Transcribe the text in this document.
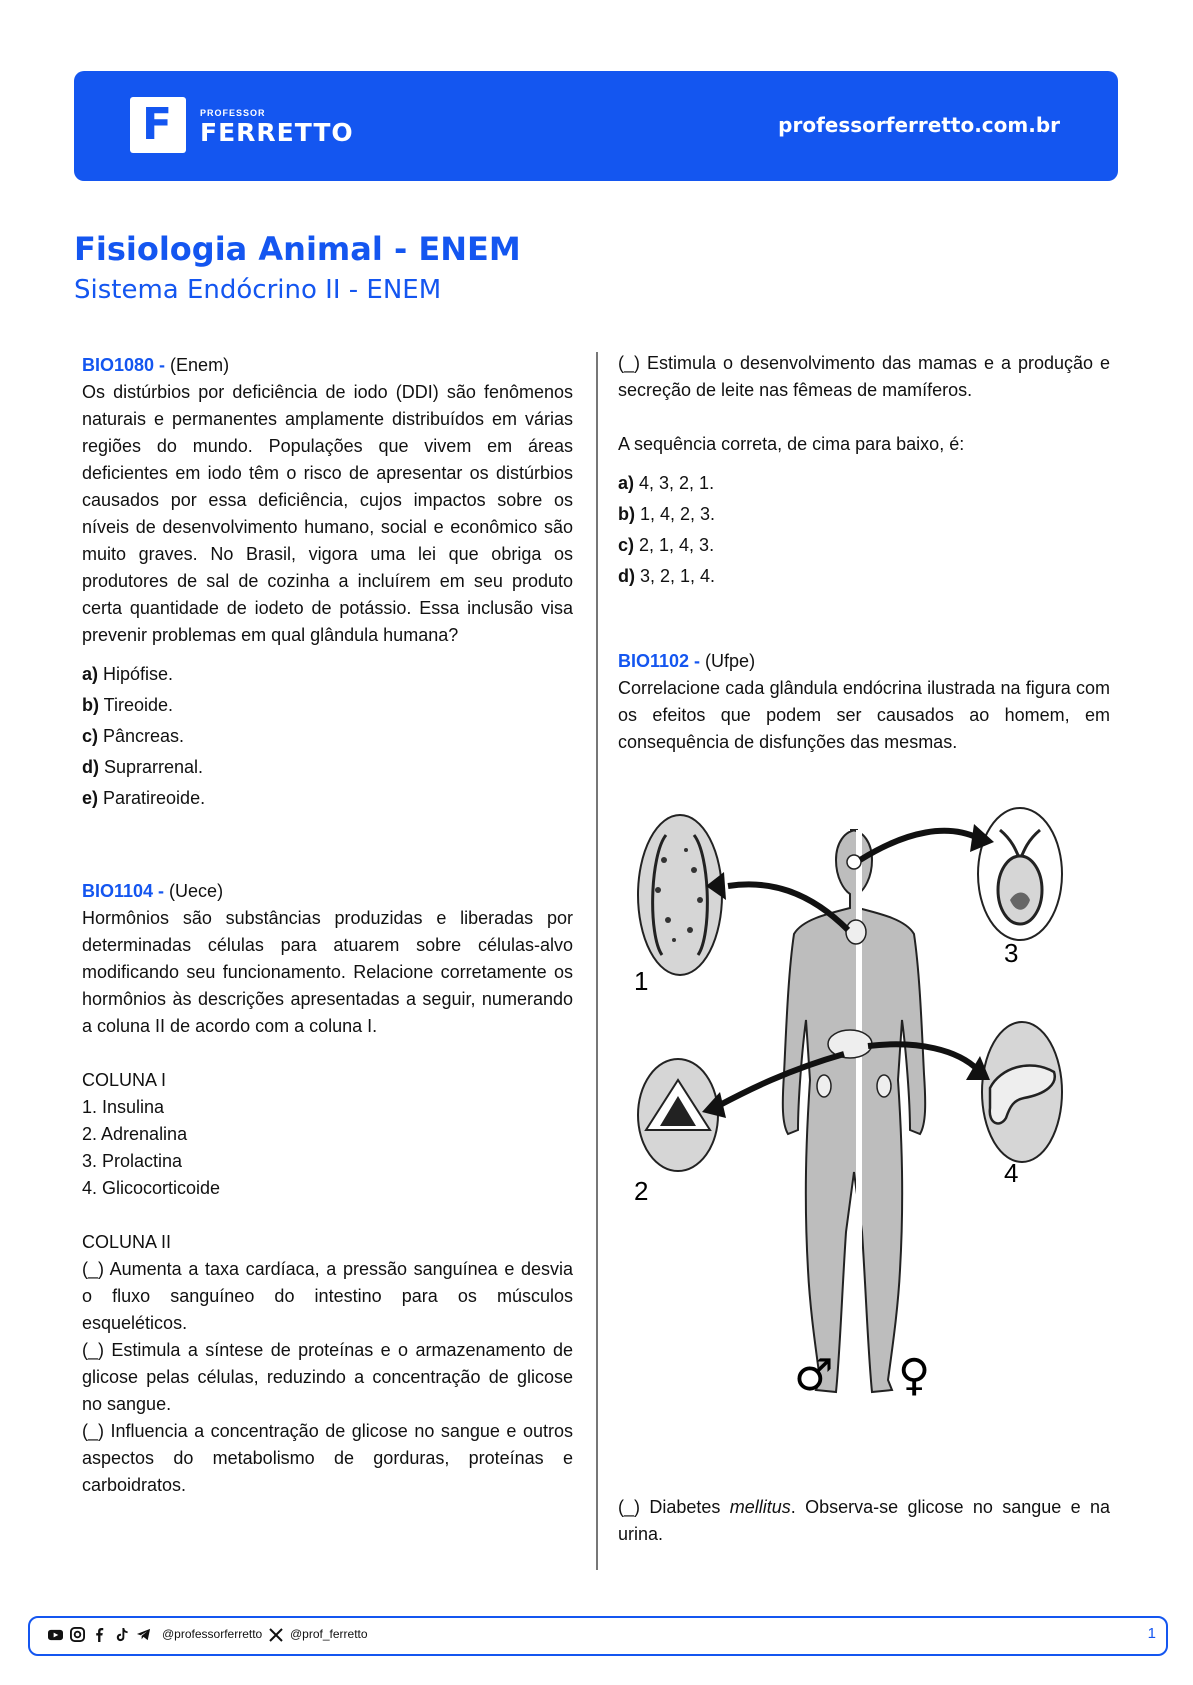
F	PROFESSOR
FERRETTO	professorferretto.com.br
Fisiologia Animal - ENEM
Sistema Endócrino II - ENEM

BIO1080 - (Enem)

Os distúrbios por deficiência de iodo (DDI) são fenômenos naturais e permanentes amplamente distribuídos em várias regiões do mundo. Populações que vivem em áreas deficientes em iodo têm o risco de apresentar os distúrbios causados por essa deficiência, cujos impactos sobre os níveis de desenvolvimento humano, social e econômico são muito graves. No Brasil, vigora uma lei que obriga os produtores de sal de cozinha a incluírem em seu produto certa quantidade de iodeto de potássio. Essa inclusão visa prevenir problemas em qual glândula humana?

a) Hipófise.
b) Tireoide.
c) Pâncreas.
d) Suprarrenal.
e) Paratireoide.

BIO1104 - (Uece)

Hormônios são substâncias produzidas e liberadas por determinadas células para atuarem sobre células-alvo modificando seu funcionamento. Relacione corretamente os hormônios às descrições apresentadas a seguir, numerando a coluna II de acordo com a coluna I.

COLUNA I

1. Insulina

2. Adrenalina

3. Prolactina

4. Glicocorticoide

COLUNA II

(_) Aumenta a taxa cardíaca, a pressão sanguínea e desvia o fluxo sanguíneo do intestino para os músculos esqueléticos.

(_) Estimula a síntese de proteínas e o armazenamento de glicose pelas células, reduzindo a concentração de glicose no sangue.

(_) Influencia a concentração de glicose no sangue e outros aspectos do metabolismo de gorduras, proteínas e carboidratos.

(_) Estimula o desenvolvimento das mamas e a produção e secreção de leite nas fêmeas de mamíferos.

A sequência correta, de cima para baixo, é:

a) 4, 3, 2, 1.
b) 1, 4, 2, 3.
c) 2, 1, 4, 3.
d) 3, 2, 1, 4.

BIO1102 - (Ufpe)

Correlacione cada glândula endócrina ilustrada na figura com os efeitos que podem ser causados ao homem, em consequência de disfunções das mesmas.

1
2
3
4
♂ ♀

(_) Diabetes mellitus. Observa-se glicose no sangue e na urina.

@professorferretto @prof_ferretto	1
